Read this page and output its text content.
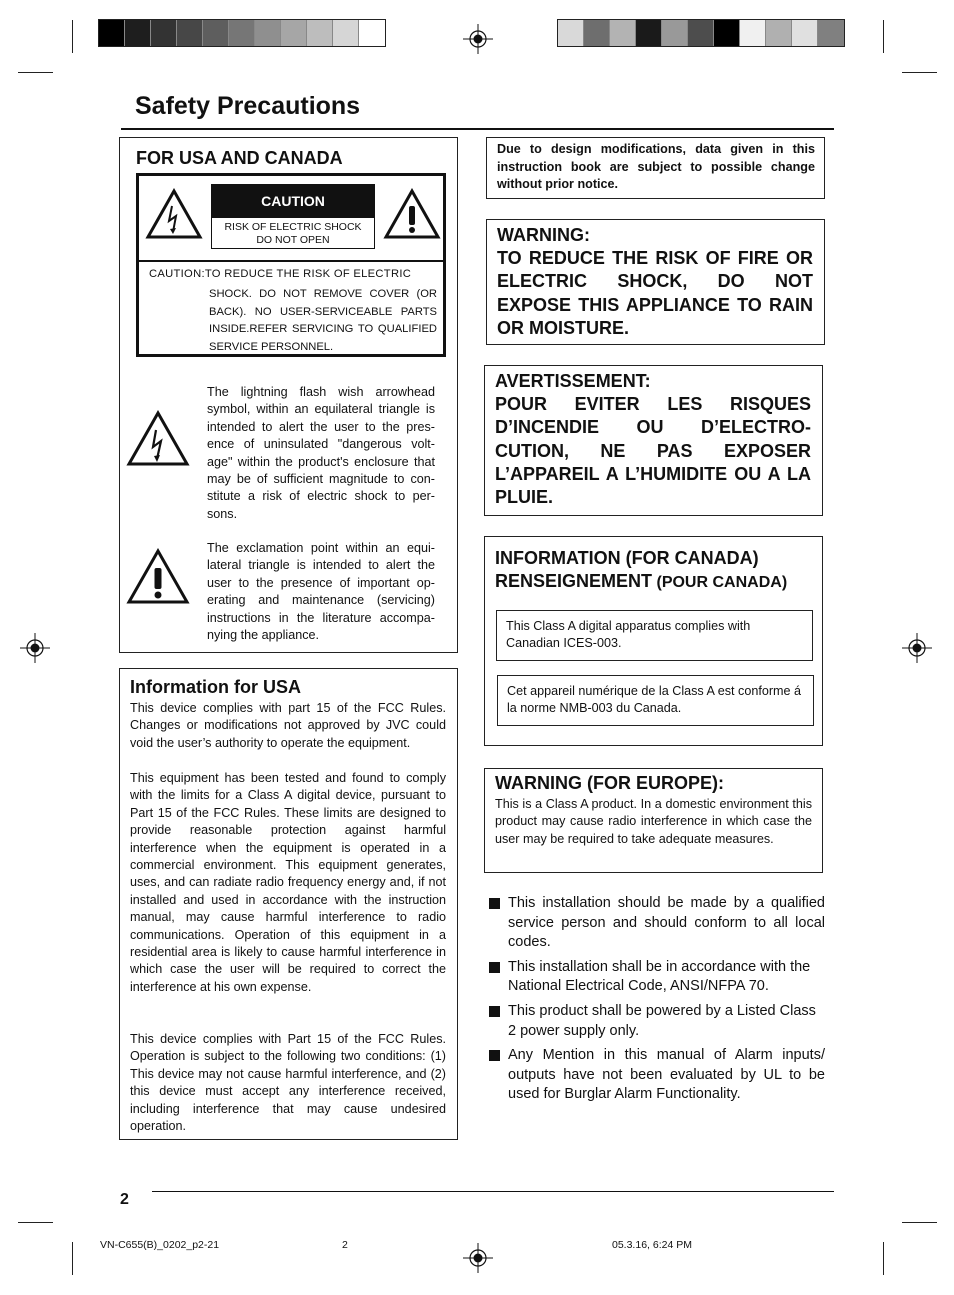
Safety Precautions
FOR USA AND CANADA
CAUTION
RISK OF ELECTRIC SHOCK DO NOT OPEN
CAUTION:TO REDUCE THE RISK OF ELECTRIC
SHOCK. DO NOT REMOVE COVER (OR BACK). NO USER-SERVICEABLE PARTS INSIDE.REFER SERVICING TO QUALIFIED SERVICE PERSONNEL.
The lightning flash wish arrowhead symbol, within an equilateral triangle is intended to alert the user to the pres-ence of uninsulated "dangerous volt-age" within the product's enclosure that may be of sufficient magnitude to con-stitute a risk of electric shock to per-sons.
The exclamation point within an equi-lateral triangle is intended to alert the user to the presence of important op-erating and maintenance (servicing) instructions in the literature accompa-nying the appliance.
Information for USA
This device complies with part 15 of the FCC Rules. Changes or modifications not approved by JVC could void the user’s authority to operate the equipment.
This equipment has been tested and found to comply with the limits for a Class A digital device, pursuant to Part 15 of the FCC Rules. These limits are designed to provide reasonable protection against harmful interference when the equipment is operated in a commercial environment. This equipment generates, uses, and can radiate radio frequency energy and, if not installed and used in accordance with the instruction manual, may cause harmful interference to radio communications. Operation of this equipment in a residential area is likely to cause harmful interference in which case the user will be required to correct the interference at his own expense.
This device complies with Part 15 of the FCC Rules. Operation is subject to the following two conditions: (1) This device may not cause harmful interference, and (2) this device must accept any interference received, including interference that may cause undesired operation.
Due to design modifications, data given in this instruction book are subject to possible change without prior notice.
WARNING:
TO REDUCE THE RISK OF FIRE OR ELECTRIC SHOCK, DO NOT EXPOSE THIS APPLIANCE TO RAIN OR MOISTURE.
AVERTISSEMENT:
POUR EVITER LES RISQUES D’INCENDIE OU D’ELECTRO-CUTION, NE PAS EXPOSER L’APPAREIL A L’HUMIDITE OU A LA PLUIE.
INFORMATION (FOR CANADA)
RENSEIGNEMENT (POUR CANADA)
This Class A digital apparatus complies with Canadian ICES-003.
Cet appareil numérique de la Class A est conforme á la norme NMB-003 du Canada.
WARNING (FOR EUROPE):
This is a Class A product. In a domestic environment this product may cause radio interference in which case the user may be required to take adequate measures.
This installation should be made by a qualified service person and should conform to all local codes.
This installation shall be in accordance with the National Electrical Code, ANSI/NFPA 70.
This product shall be powered by a Listed Class 2 power supply only.
Any Mention in this manual of Alarm inputs/ outputs have not been evaluated by UL to be used for Burglar Alarm Functionality.
2
VN-C655(B)_0202_p2-21	2	05.3.16, 6:24 PM
